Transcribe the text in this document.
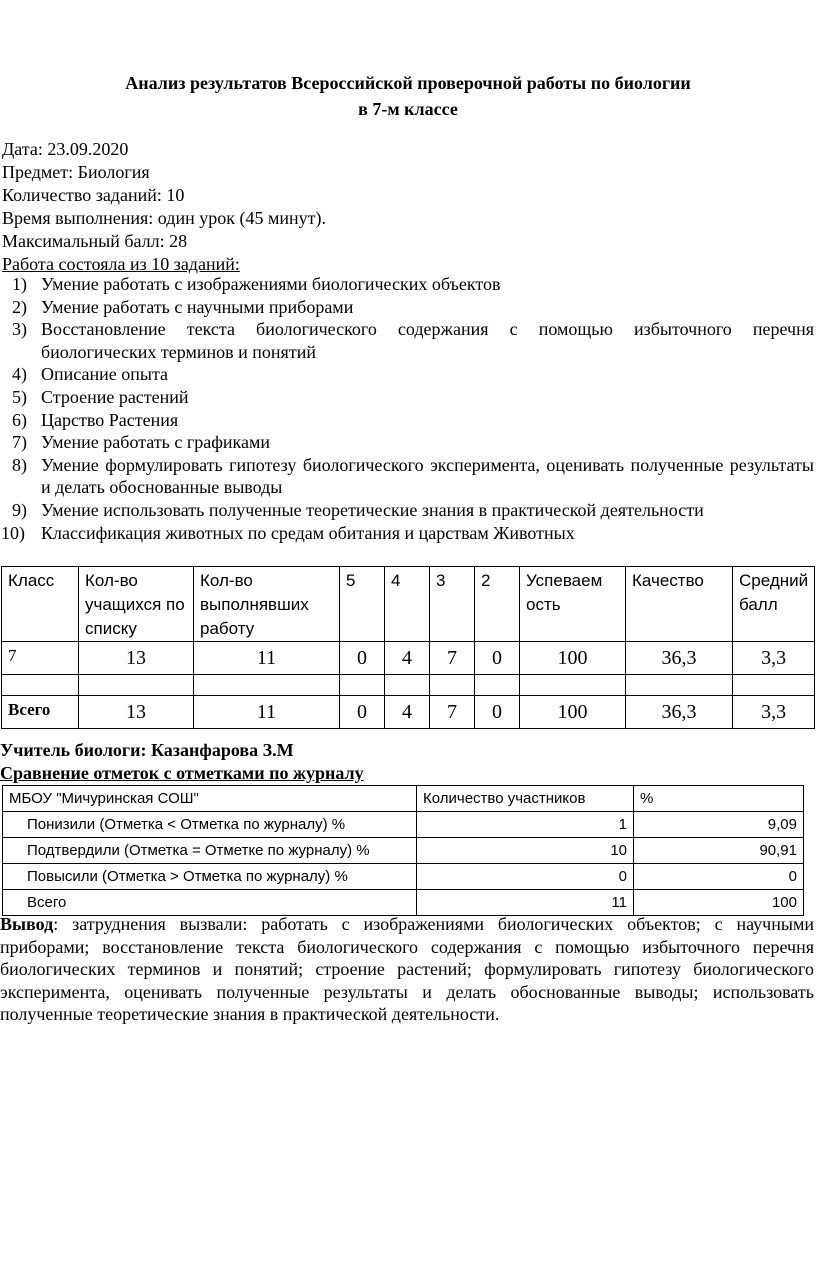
Анализ результатов Всероссийской проверочной работы по биологии
в 7-м классе
Дата: 23.09.2020
Предмет: Биология
Количество заданий: 10
Время выполнения: один урок (45 минут).
Максимальный балл: 28
Работа состояла из 10 заданий:
1) Умение работать с изображениями биологических объектов
2) Умение работать с научными приборами
3) Восстановление текста биологического содержания с помощью избыточного перечня биологических терминов и понятий
4) Описание опыта
5) Строение растений
6) Царство Растения
7) Умение работать с графиками
8) Умение формулировать гипотезу биологического эксперимента, оценивать полученные результаты и делать обоснованные выводы
9) Умение использовать полученные теоретические знания в практической деятельности
10) Классификация животных по средам обитания и царствам Животных
Класс	Кол-во учащихся по списку	Кол-во выполнявших работу	5	4	3	2	Успеваем ость	Качество	Средний балл
7	13	11	0	4	7	0	100	36,3	3,3

Всего	13	11	0	4	7	0	100	36,3	3,3
Учитель биологи: Казанфарова З.М
Сравнение отметок с отметками по журналу
МБОУ "Мичуринская СОШ"	Количество участников	%
Понизили (Отметка < Отметка по журналу) %	1	9,09
Подтвердили (Отметка = Отметке по журналу) %	10	90,91
Повысили (Отметка > Отметка по журналу) %	0	0
Всего	11	100
Вывод: затруднения вызвали: работать с изображениями биологических объектов; с научными приборами; восстановление текста биологического содержания с помощью избыточного перечня биологических терминов и понятий; строение растений; формулировать гипотезу биологического эксперимента, оценивать полученные результаты и делать обоснованные выводы; использовать полученные теоретические знания в практической деятельности.
